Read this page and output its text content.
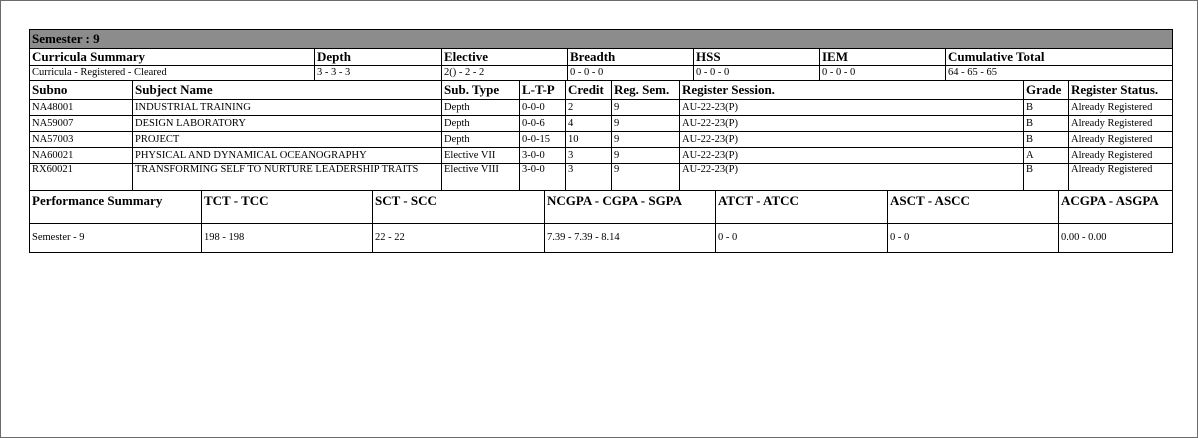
Semester : 9						
Curricula Summary	Depth	Elective	Breadth	HSS	IEM	Cumulative Total
Curricula - Registered - Cleared	3 - 3 - 3	2() - 2 - 2	0 - 0 - 0	0 - 0 - 0	0 - 0 - 0	64 - 65 - 65
Subno	Subject Name	Sub. Type	L-T-P	Credit	Reg. Sem.	Register Session.	Grade	Register Status.
NA48001	INDUSTRIAL TRAINING	Depth	0-0-0	2	9	AU-22-23(P)	B	Already Registered
NA59007	DESIGN LABORATORY	Depth	0-0-6	4	9	AU-22-23(P)	B	Already Registered
NA57003	PROJECT	Depth	0-0-15	10	9	AU-22-23(P)	B	Already Registered
NA60021	PHYSICAL AND DYNAMICAL OCEANOGRAPHY	Elective VII	3-0-0	3	9	AU-22-23(P)	A	Already Registered
RX60021	TRANSFORMING SELF TO NURTURE LEADERSHIP TRAITS	Elective VIII	3-0-0	3	9	AU-22-23(P)	B	Already Registered
Performance Summary	TCT - TCC	SCT - SCC	NCGPA - CGPA - SGPA	ATCT - ATCC	ASCT - ASCC	ACGPA - ASGPA
Semester - 9	198 - 198	22 - 22	7.39 - 7.39 - 8.14	0 - 0	0 - 0	0.00 - 0.00
